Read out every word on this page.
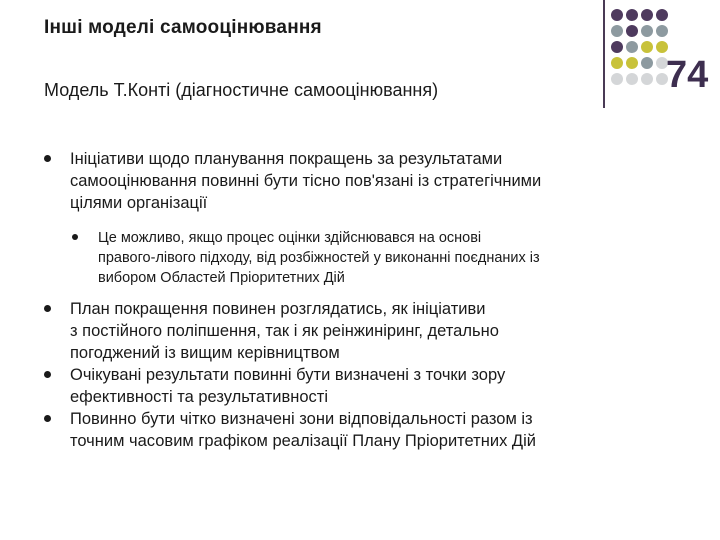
Інші моделі самооцінювання
Модель Т.Конті (діагностичне самооцінювання)	74
Ініціативи щодо планування покращень за результатами
самооцінювання повинні бути тісно пов'язані із стратегічними
цілями організації
Це можливо, якщо процес оцінки здійснювався на основі
правого-лівого підходу, від розбіжностей у виконанні поєднаних із
вибором Областей Пріоритетних Дій
План покращення повинен розглядатись, як ініціативи
з постійного поліпшення, так і як реінжиніринг, детально
погоджений із вищим керівництвом
Очікувані результати повинні бути визначені з точки зору
ефективності та результативності
Повинно бути чітко визначені зони відповідальності разом із
точним часовим графіком реалізації Плану Пріоритетних Дій
